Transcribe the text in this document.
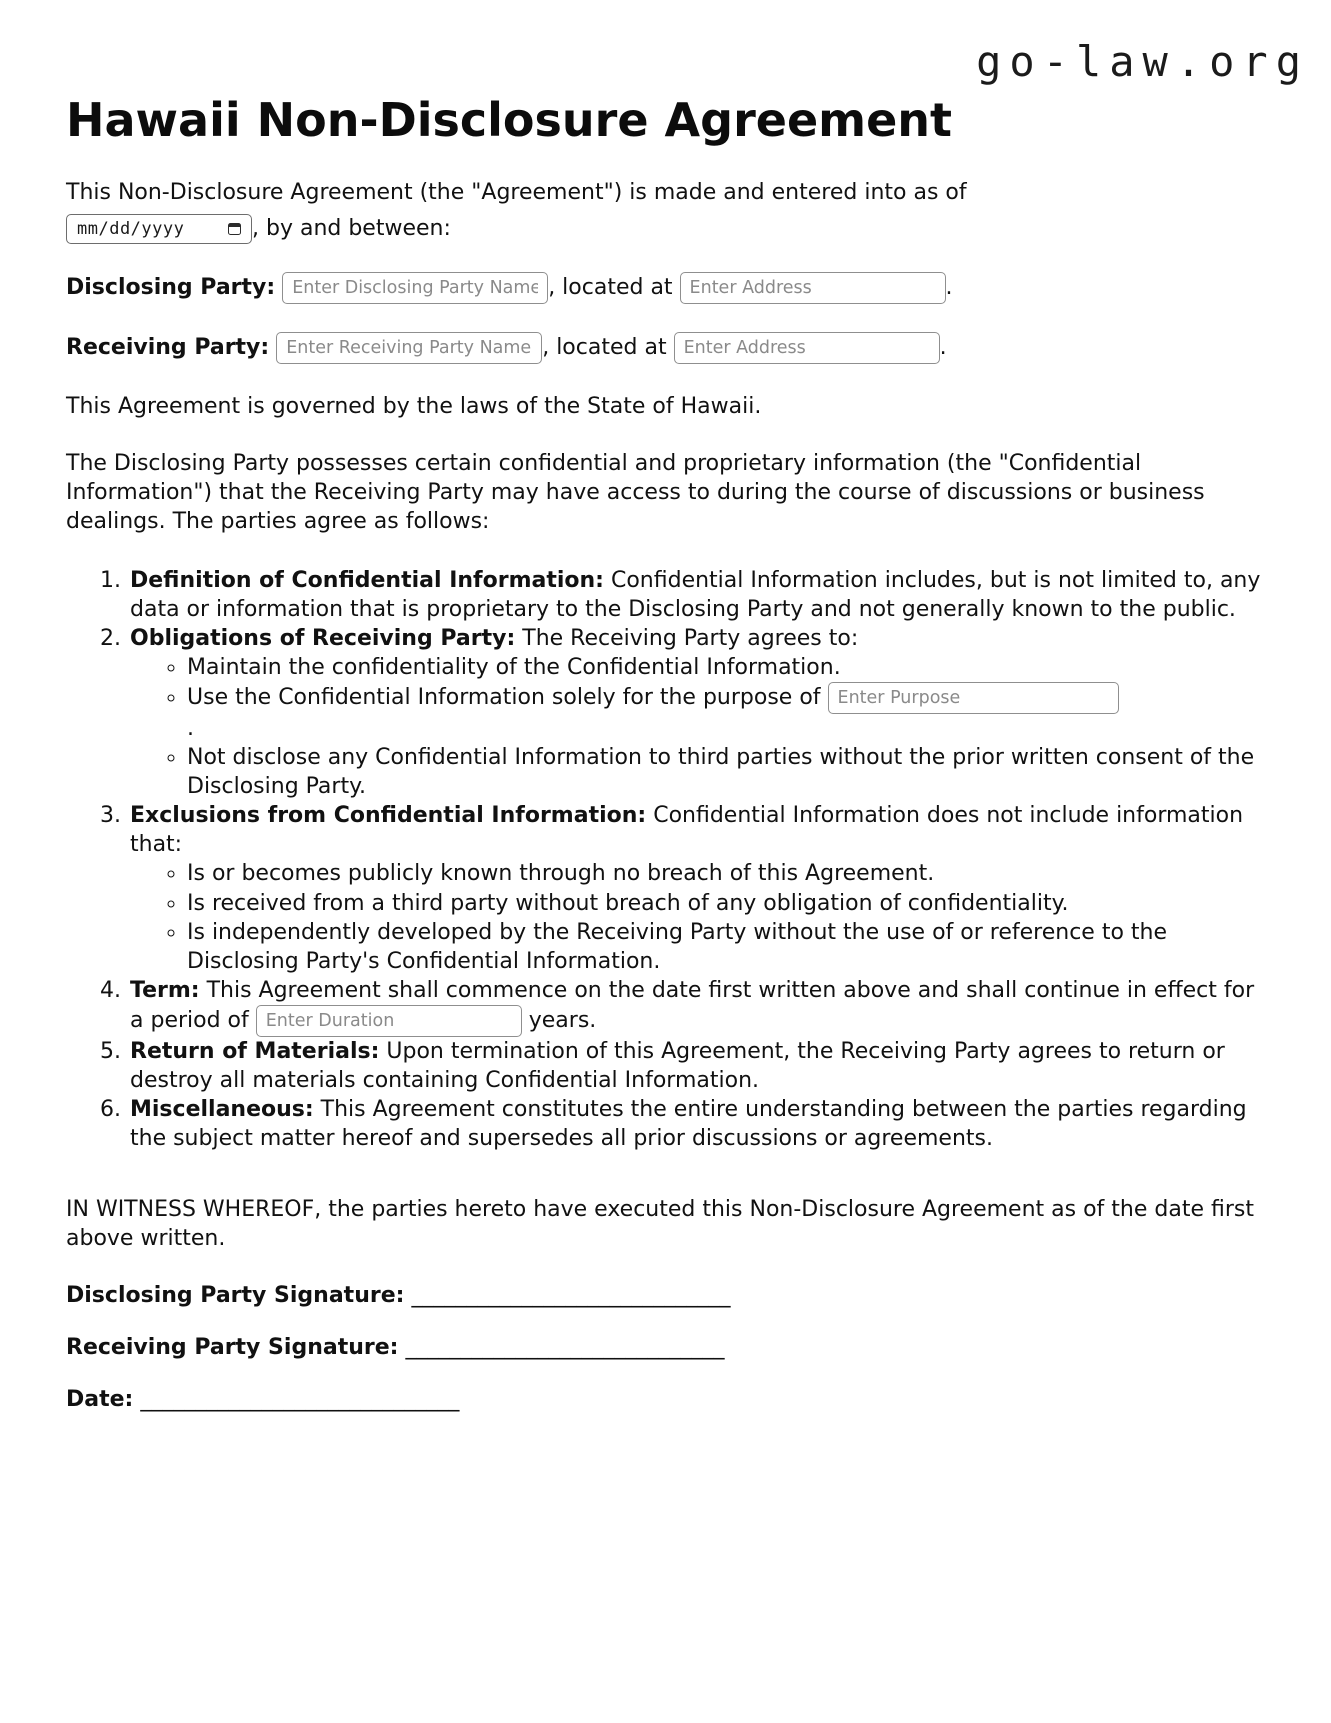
go-law.org
Hawaii Non-Disclosure Agreement

This Non-Disclosure Agreement (the "Agreement") is made and entered into as of
mm/dd/yyyy	, by and between:

Disclosing Party: Enter Disclosing Party Name	, located at Enter Address	.

Receiving Party: Enter Receiving Party Name	, located at Enter Address	.

This Agreement is governed by the laws of the State of Hawaii.

The Disclosing Party possesses certain confidential and proprietary information (the "Confidential Information") that the Receiving Party may have access to during the course of discussions or business dealings. The parties agree as follows:

1. Definition of Confidential Information: Confidential Information includes, but is not limited to, any data or information that is proprietary to the Disclosing Party and not generally known to the public.
2. Obligations of Receiving Party: The Receiving Party agrees to:
◦ Maintain the confidentiality of the Confidential Information.
◦ Use the Confidential Information solely for the purpose of Enter Purpose
.
◦ Not disclose any Confidential Information to third parties without the prior written consent of the Disclosing Party.
3. Exclusions from Confidential Information: Confidential Information does not include information that:
◦ Is or becomes publicly known through no breach of this Agreement.
◦ Is received from a third party without breach of any obligation of confidentiality.
◦ Is independently developed by the Receiving Party without the use of or reference to the Disclosing Party's Confidential Information.
4. Term: This Agreement shall commence on the date first written above and shall continue in effect for a period of Enter Duration	years.
5. Return of Materials: Upon termination of this Agreement, the Receiving Party agrees to return or destroy all materials containing Confidential Information.
6. Miscellaneous: This Agreement constitutes the entire understanding between the parties regarding the subject matter hereof and supersedes all prior discussions or agreements.

IN WITNESS WHEREOF, the parties hereto have executed this Non-Disclosure Agreement as of the date first above written.

Disclosing Party Signature: _____________________________

Receiving Party Signature: _____________________________

Date: _____________________________
